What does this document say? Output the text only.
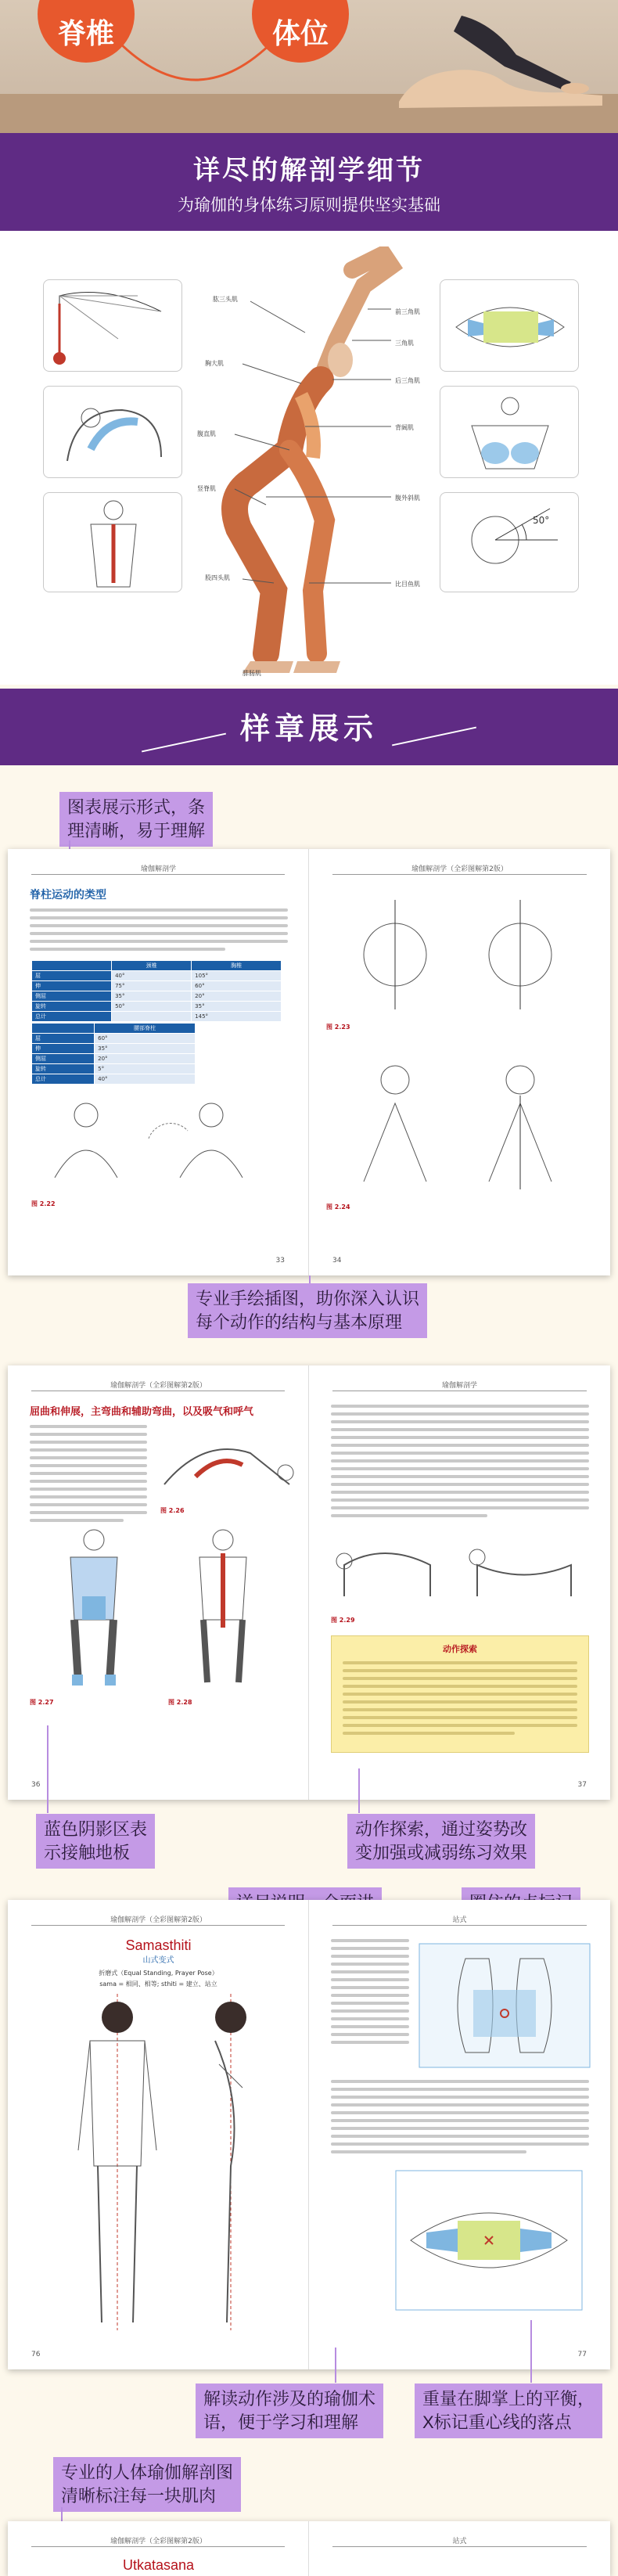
脊椎	体位
详尽的解剖学细节
为瑜伽的身体练习原则提供坚实基础
前三角肌
三角肌
后三角肌
背阔肌
肱三头肌
胸大肌
腹直肌
腹外斜肌
竖脊肌
股四头肌
比目鱼肌
腓肠肌
50°
样章展示
图表展示形式，条
理清晰，易于理解
瑜伽解剖学
脊柱运动的类型
	颈椎	胸椎
屈	40°	105°
伸	75°	60°
侧屈	35°	20°
旋转	50°	35°
总计		145°
	腰部脊柱
屈	60°
伸	35°
侧屈	20°
旋转	5°
总计	40°
图 2.22
33
瑜伽解剖学（全彩图解第2版）
图 2.23
图 2.24
34
专业手绘插图，助你深入认识
每个动作的结构与基本原理
瑜伽解剖学（全彩图解第2版）
屈曲和伸展，主弯曲和辅助弯曲，以及吸气和呼气
图 2.26
图 2.27	图 2.28
36
瑜伽解剖学
图 2.29
动作探索
37
蓝色阴影区表
示接触地板
动作探索，通过姿势改
变加强或减弱练习效果
瑜伽解剖学（全彩图解第2版）
Samasthiti
山式变式
折磨式（Equal Standing, Prayer Pose）
sama = 相同、相等; sthiti = 建立、站立
76
站式
77
解读动作涉及的瑜伽术
语，便于学习和理解
重量在脚掌上的平衡，
X标记重心线的落点
专业的人体瑜伽解剖图
清晰标注每一块肌肉
瑜伽解剖学（全彩图解第2版）
Utkatasana
站式
